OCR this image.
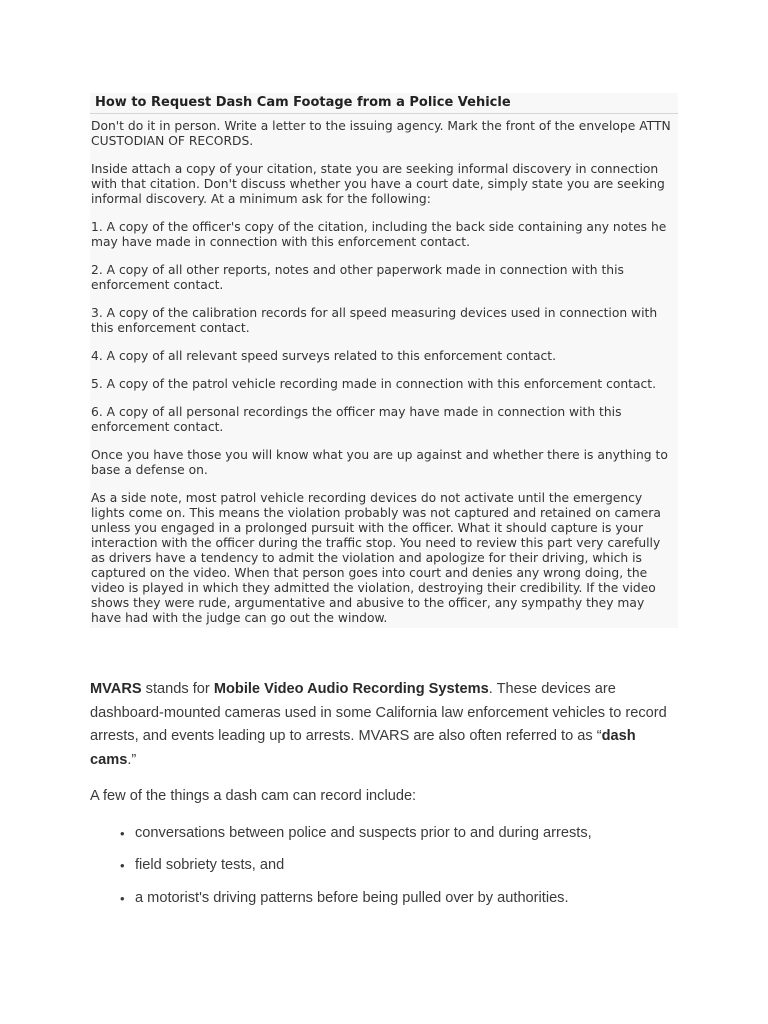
How to Request Dash Cam Footage from a Police Vehicle

Don't do it in person. Write a letter to the issuing agency. Mark the front of the envelope ATTN CUSTODIAN OF RECORDS.

Inside attach a copy of your citation, state you are seeking informal discovery in connection with that citation. Don't discuss whether you have a court date, simply state you are seeking informal discovery. At a minimum ask for the following:

1. A copy of the officer's copy of the citation, including the back side containing any notes he may have made in connection with this enforcement contact.

2. A copy of all other reports, notes and other paperwork made in connection with this enforcement contact.

3. A copy of the calibration records for all speed measuring devices used in connection with this enforcement contact.

4. A copy of all relevant speed surveys related to this enforcement contact.

5. A copy of the patrol vehicle recording made in connection with this enforcement contact.

6. A copy of all personal recordings the officer may have made in connection with this enforcement contact.

Once you have those you will know what you are up against and whether there is anything to base a defense on.

As a side note, most patrol vehicle recording devices do not activate until the emergency lights come on. This means the violation probably was not captured and retained on camera unless you engaged in a prolonged pursuit with the officer. What it should capture is your interaction with the officer during the traffic stop. You need to review this part very carefully as drivers have a tendency to admit the violation and apologize for their driving, which is captured on the video. When that person goes into court and denies any wrong doing, the video is played in which they admitted the violation, destroying their credibility. If the video shows they were rude, argumentative and abusive to the officer, any sympathy they may have had with the judge can go out the window.

MVARS stands for Mobile Video Audio Recording Systems. These devices are dashboard-mounted cameras used in some California law enforcement vehicles to record arrests, and events leading up to arrests. MVARS are also often referred to as “dash cams.”

A few of the things a dash cam can record include:

• conversations between police and suspects prior to and during arrests,
• field sobriety tests, and
• a motorist's driving patterns before being pulled over by authorities.
